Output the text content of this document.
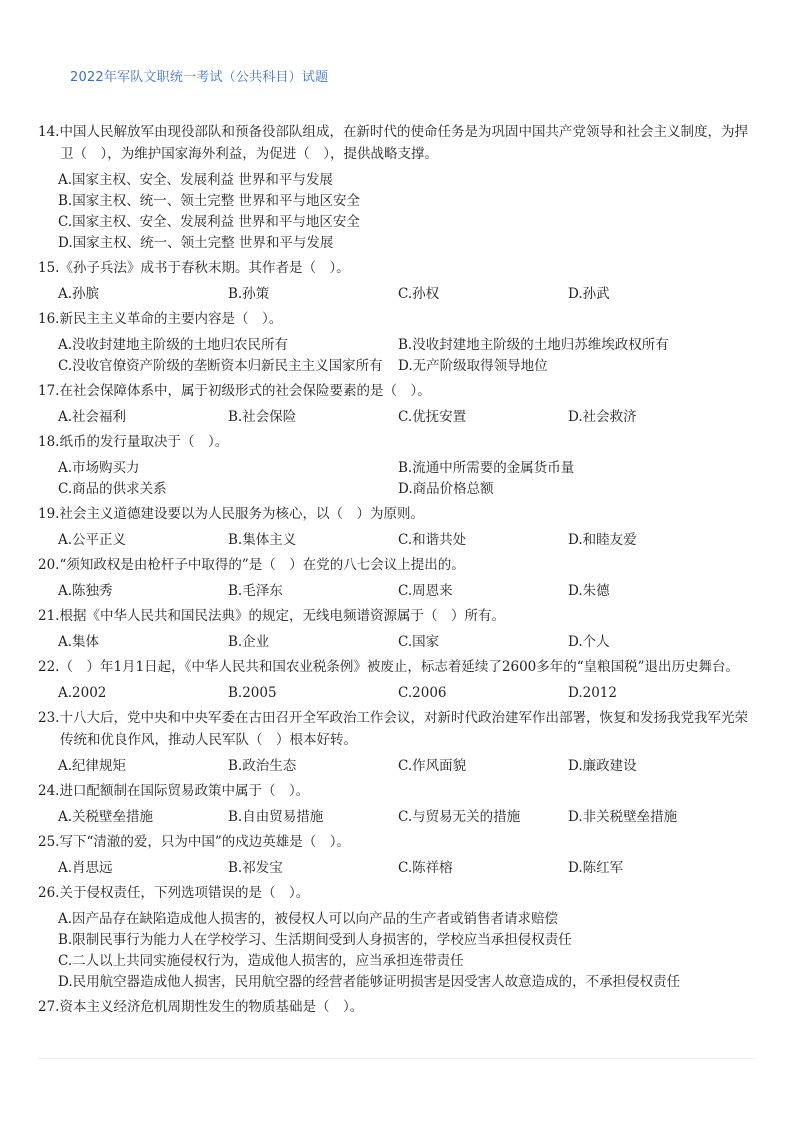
2022年军队文职统一考试（公共科目）试题
14.中国人民解放军由现役部队和预备役部队组成，在新时代的使命任务是为巩固中国共产党领导和社会主义制度，为捍卫（　），为维护国家海外利益，为促进（　），提供战略支撑。
A.国家主权、安全、发展利益 世界和平与发展
B.国家主权、统一、领土完整 世界和平与地区安全
C.国家主权、安全、发展利益 世界和平与地区安全
D.国家主权、统一、领土完整 世界和平与发展
15.《孙子兵法》成书于春秋末期。其作者是（　）。
A.孙膑	B.孙策	C.孙权	D.孙武
16.新民主主义革命的主要内容是（　）。
A.没收封建地主阶级的土地归农民所有	B.没收封建地主阶级的土地归苏维埃政权所有
C.没收官僚资产阶级的垄断资本归新民主主义国家所有	D.无产阶级取得领导地位
17.在社会保障体系中，属于初级形式的社会保险要素的是（　）。
A.社会福利	B.社会保险	C.优抚安置	D.社会救济
18.纸币的发行量取决于（　）。
A.市场购买力	B.流通中所需要的金属货币量
C.商品的供求关系	D.商品价格总额
19.社会主义道德建设要以为人民服务为核心，以（　）为原则。
A.公平正义	B.集体主义	C.和谐共处	D.和睦友爱
20.“须知政权是由枪杆子中取得的”是（　）在党的八七会议上提出的。
A.陈独秀	B.毛泽东	C.周恩来	D.朱德
21.根据《中华人民共和国民法典》的规定，无线电频谱资源属于（　）所有。
A.集体	B.企业	C.国家	D.个人
22.（　）年1月1日起，《中华人民共和国农业税条例》被废止，标志着延续了2600多年的“皇粮国税”退出历史舞台。
A.2002	B.2005	C.2006	D.2012
23.十八大后，党中央和中央军委在古田召开全军政治工作会议，对新时代政治建军作出部署，恢复和发扬我党我军光荣传统和优良作风，推动人民军队（　）根本好转。
A.纪律规矩	B.政治生态	C.作风面貌	D.廉政建设
24.进口配额制在国际贸易政策中属于（　）。
A.关税壁垒措施	B.自由贸易措施	C.与贸易无关的措施	D.非关税壁垒措施
25.写下“清澈的爱，只为中国”的戍边英雄是（　）。
A.肖思远	B.祁发宝	C.陈祥榕	D.陈红军
26.关于侵权责任，下列选项错误的是（　）。
A.因产品存在缺陷造成他人损害的，被侵权人可以向产品的生产者或销售者请求赔偿
B.限制民事行为能力人在学校学习、生活期间受到人身损害的，学校应当承担侵权责任
C.二人以上共同实施侵权行为，造成他人损害的，应当承担连带责任
D.民用航空器造成他人损害，民用航空器的经营者能够证明损害是因受害人故意造成的，不承担侵权责任
27.资本主义经济危机周期性发生的物质基础是（　）。
